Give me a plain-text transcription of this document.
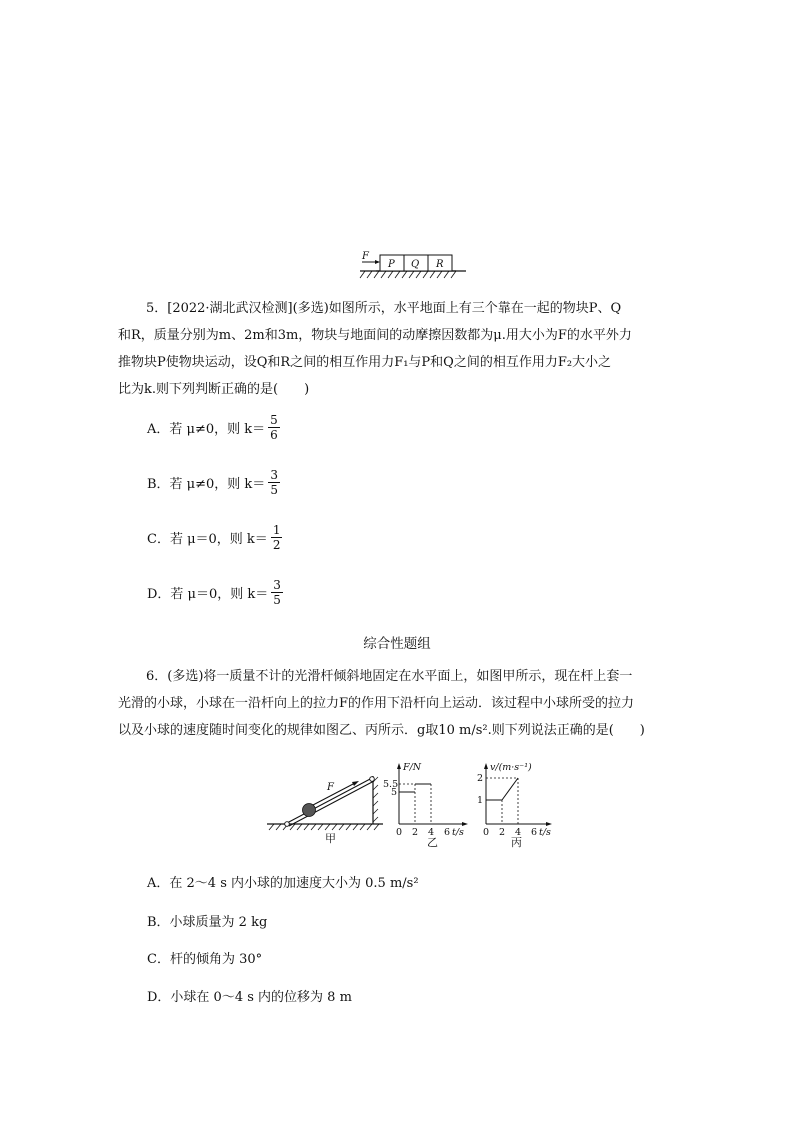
F
P Q R
5．[2022·湖北武汉检测](多选)如图所示，水平地面上有三个靠在一起的物块P、Q
和R，质量分别为m、2m和3m，物块与地面间的动摩擦因数都为μ.用大小为F的水平外力
推物块P使物块运动，设Q和R之间的相互作用力F₁与P和Q之间的相互作用力F₂大小之
比为k.则下列判断正确的是(　　)
A．若 μ≠0，则 $k= \frac{5}{6}$
B．若 μ≠0，则 $k= \frac{3}{5}$
C．若 μ＝0，则 $k= \frac{1}{2}$
D．若 μ＝0，则 $k= \frac{3}{5}$
综合性题组
6．(多选)将一质量不计的光滑杆倾斜地固定在水平面上，如图甲所示，现在杆上套一
光滑的小球，小球在一沿杆向上的拉力F的作用下沿杆向上运动．该过程中小球所受的拉力
以及小球的速度随时间变化的规律如图乙、丙所示．g取10 m/s².则下列说法正确的是(　　)
F
甲
F/N
5.5
5
0 2 4 6 t/s
乙
v/(m·s⁻¹)
2
1
0 2 4 6 t/s
丙
A．在 2～4 s 内小球的加速度大小为 0.5 m/s²
B．小球质量为 2 kg
C．杆的倾角为 30°
D．小球在 0～4 s 内的位移为 8 m
